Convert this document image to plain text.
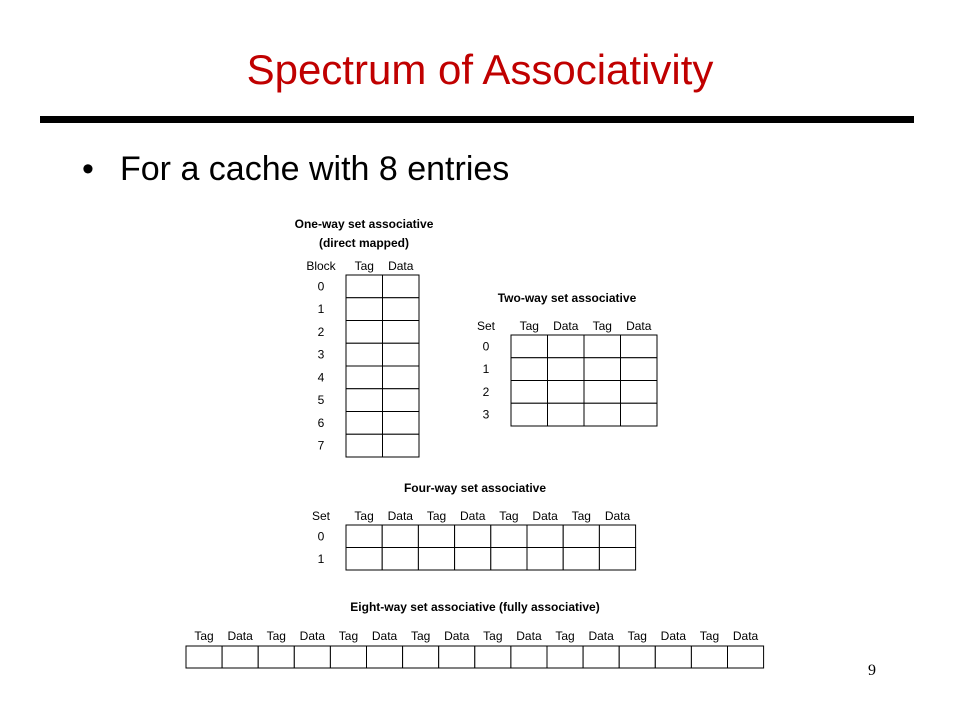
Spectrum of Associativity
• For a cache with 8 entries
One-way set associative
(direct mapped)
Block Tag Data
0
1
2
3
4
5
6
7
Two-way set associative
Set Tag Data Tag Data
0
1
2
3
Four-way set associative
Set Tag Data Tag Data Tag Data Tag Data
0
1
Eight-way set associative (fully associative)
Tag Data Tag Data Tag Data Tag Data Tag Data Tag Data Tag Data Tag Data
9
